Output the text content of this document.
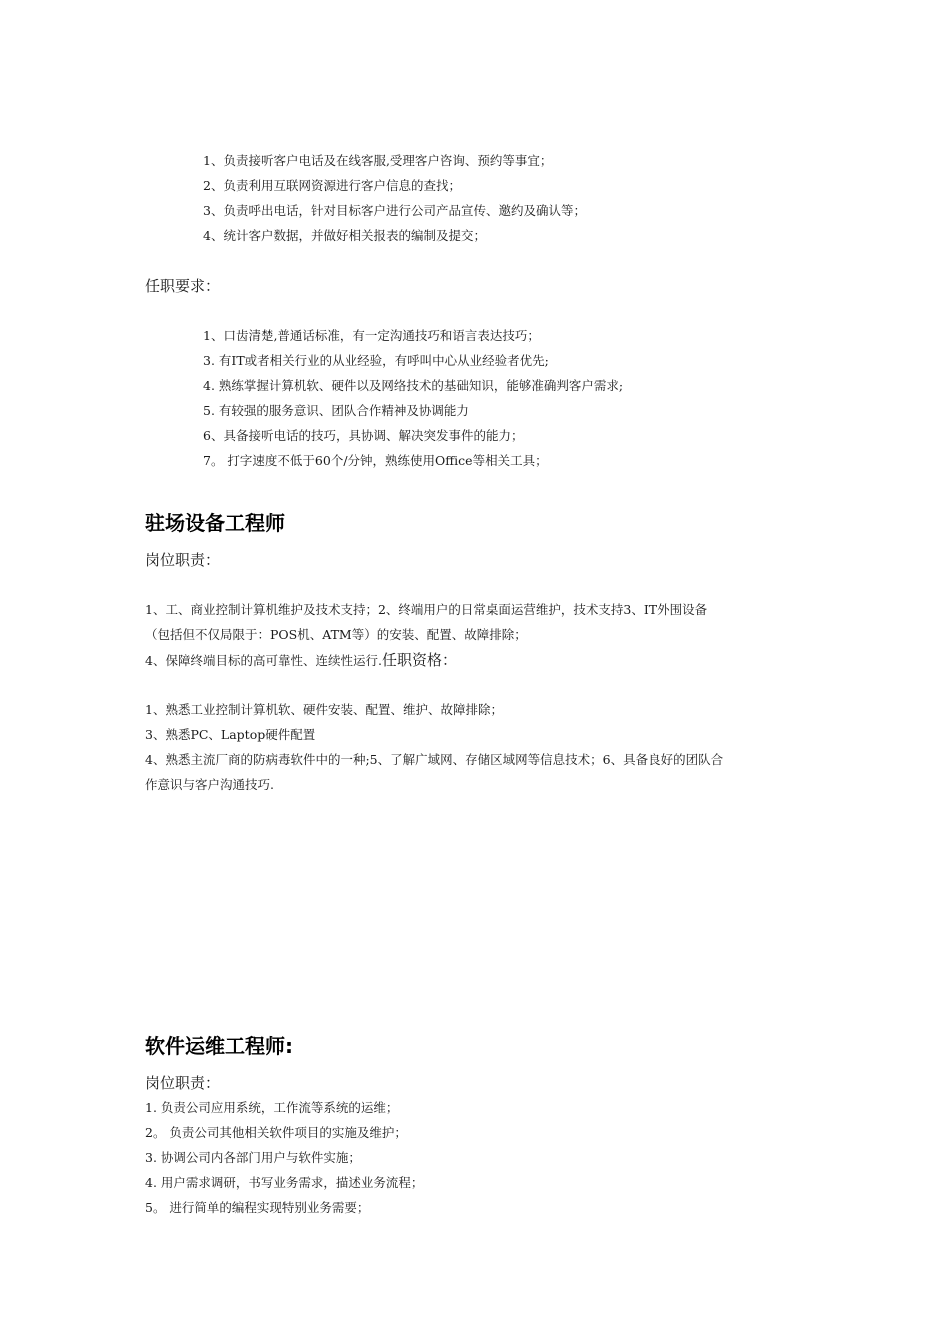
1、负责接听客户电话及在线客服,受理客户咨询、预约等事宜；
2、负责利用互联网资源进行客户信息的查找；
3、负责呼出电话，针对目标客户进行公司产品宣传、邀约及确认等；
4、统计客户数据，并做好相关报表的编制及提交；
任职要求：
1、口齿清楚,普通话标准，有一定沟通技巧和语言表达技巧；
3. 有IT或者相关行业的从业经验，有呼叫中心从业经验者优先;
4. 熟练掌握计算机软、硬件以及网络技术的基础知识，能够准确判客户需求;
5. 有较强的服务意识、团队合作精神及协调能力
6、具备接听电话的技巧，具协调、解决突发事件的能力；
7。 打字速度不低于60个/分钟，熟练使用Office等相关工具；
驻场设备工程师
岗位职责：
1、工、商业控制计算机维护及技术支持；2、终端用户的日常桌面运营维护，技术支持3、IT外围设备
（包括但不仅局限于：POS机、ATM等）的安装、配置、故障排除；
4、保障终端目标的高可靠性、连续性运行.任职资格：
1、熟悉工业控制计算机软、硬件安装、配置、维护、故障排除；
3、熟悉PC、Laptop硬件配置
4、熟悉主流厂商的防病毒软件中的一种;5、了解广域网、存储区域网等信息技术；6、具备良好的团队合
作意识与客户沟通技巧.
软件运维工程师:
岗位职责：
1. 负责公司应用系统，工作流等系统的运维；
2。 负责公司其他相关软件项目的实施及维护；
3. 协调公司内各部门用户与软件实施；
4. 用户需求调研，书写业务需求，描述业务流程；
5。 进行简单的编程实现特别业务需要；
